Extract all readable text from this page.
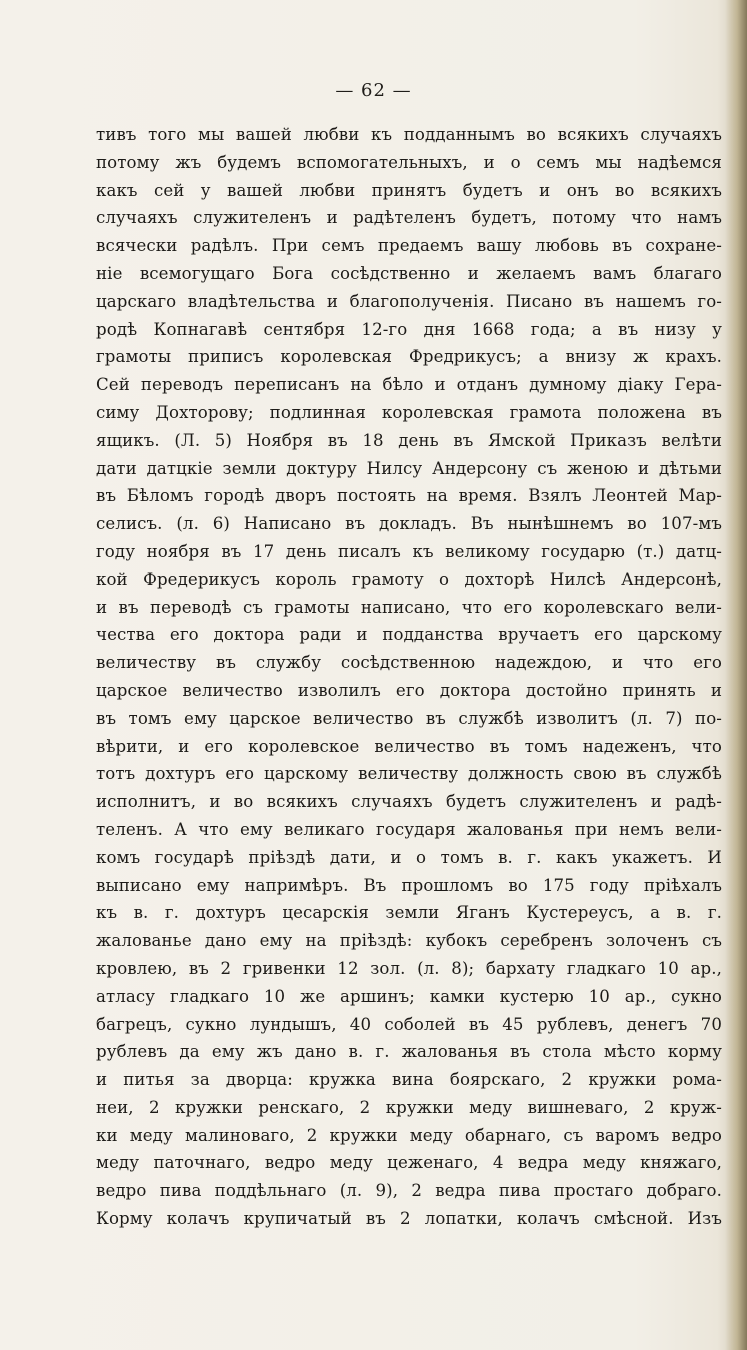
— 62 —
тивъ того мы вашей любви къ подданнымъ во всякихъ случаяхъ
потому жъ будемъ вспомогательныхъ, и о семъ мы надѣемся
какъ сей у вашей любви принятъ будетъ и онъ во всякихъ
случаяхъ служителенъ и радѣтеленъ будетъ, потому что намъ
всячески радѣлъ. При семъ предаемъ вашу любовь въ сохране-
ніе всемогущаго Бога сосѣдственно и желаемъ вамъ благаго
царскаго владѣтельства и благополученія. Писано въ нашемъ го-
родѣ Копнагавѣ сентября 12-го дня 1668 года; а въ низу у
грамоты приписъ королевская Фредрикусъ; а внизу ж крахъ.
Сей переводъ переписанъ на бѣло и отданъ думному діаку Гера-
симу Дохторову; подлинная королевская грамота положена въ
ящикъ. (Л. 5) Ноября въ 18 день въ Ямской Приказъ велѣти
дати датцкіе земли доктуру Нилсу Андерсону съ женою и дѣтьми
въ Бѣломъ городѣ дворъ постоять на время. Взялъ Леонтей Мар-
селисъ. (л. 6) Написано въ докладъ. Въ нынѣшнемъ во 107-мъ
году ноября въ 17 день писалъ къ великому государю (т.) датц-
кой Фредерикусъ король грамоту о дохторѣ Нилсѣ Андерсонѣ,
и въ переводѣ съ грамоты написано, что его королевскаго вели-
чества его доктора ради и подданства вручаетъ его царскому
величеству въ службу сосѣдственною надеждою, и что его
царское величество изволилъ его доктора достойно принять и
въ томъ ему царское величество въ службѣ изволитъ (л. 7) по-
вѣрити, и его королевское величество въ томъ надеженъ, что
тотъ дохтуръ его царскому величеству должность свою въ службѣ
исполнитъ, и во всякихъ случаяхъ будетъ служителенъ и радѣ-
теленъ. А что ему великаго государя жалованья при немъ вели-
комъ государѣ пріѣздѣ дати, и о томъ в. г. какъ укажетъ. И
выписано ему напримѣръ. Въ прошломъ во 175 году пріѣхалъ
къ в. г. дохтуръ цесарскія земли Яганъ Кустереусъ, а в. г.
жалованье дано ему на пріѣздѣ: кубокъ серебренъ золоченъ съ
кровлею, въ 2 гривенки 12 зол. (л. 8); бархату гладкаго 10 ар.,
атласу гладкаго 10 же аршинъ; камки кустерю 10 ар., сукно
багрецъ, сукно лундышъ, 40 соболей въ 45 рублевъ, денегъ 70
рублевъ да ему жъ дано в. г. жалованья въ стола мѣсто корму
и питья за дворца: кружка вина боярскаго, 2 кружки рома-
неи, 2 кружки ренскаго, 2 кружки меду вишневаго, 2 круж-
ки меду малиноваго, 2 кружки меду обарнаго, съ варомъ ведро
меду паточнаго, ведро меду цеженаго, 4 ведра меду княжаго,
ведро пива поддѣльнаго (л. 9), 2 ведра пива простаго добраго.
Корму колачъ крупичатый въ 2 лопатки, колачъ смѣсной. Изъ
